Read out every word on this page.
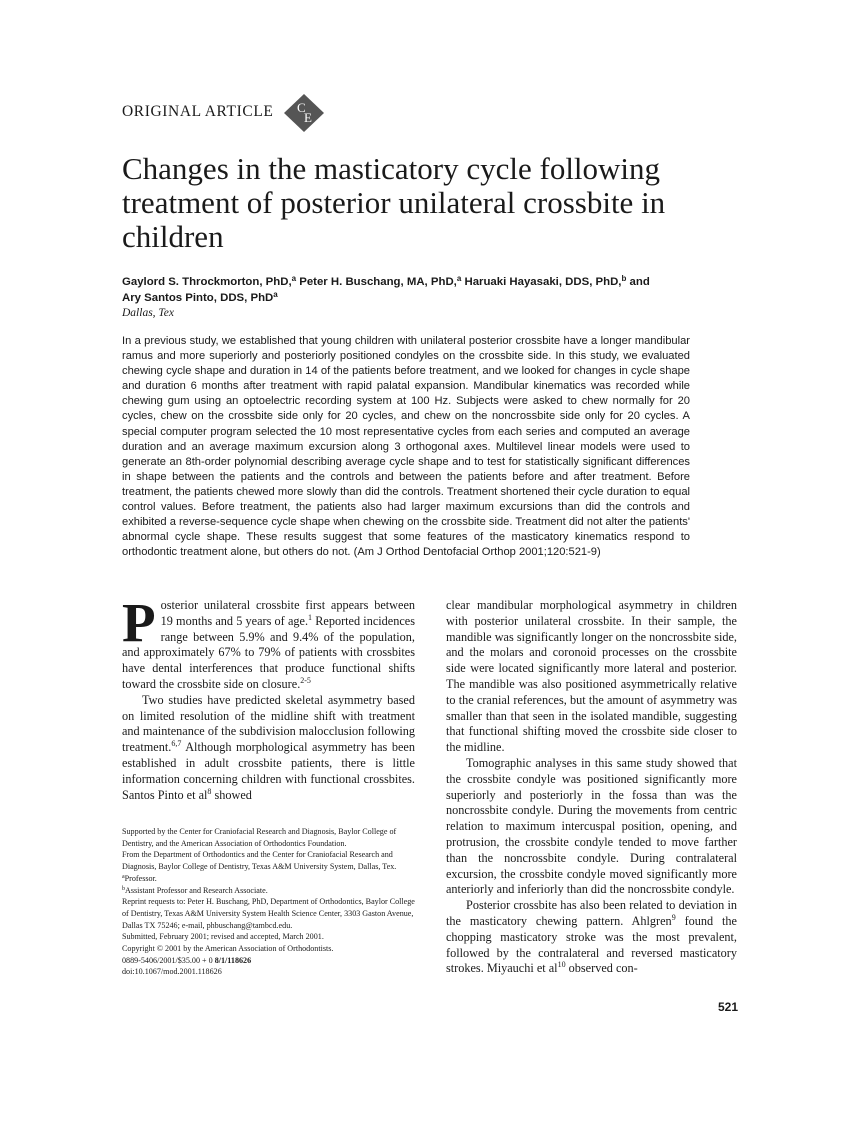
ORIGINAL ARTICLE C
E
Changes in the masticatory cycle following treatment of posterior unilateral crossbite in children
Gaylord S. Throckmorton, PhD,$^a$ Peter H. Buschang, MA, PhD,$^a$ Haruaki Hayasaki, DDS, PhD,$^b$ and
Ary Santos Pinto, DDS, PhD$^a$
Dallas, Tex

In a previous study, we established that young children with unilateral posterior crossbite have a longer mandibular ramus and more superiorly and posteriorly positioned condyles on the crossbite side. In this study, we evaluated chewing cycle shape and duration in 14 of the patients before treatment, and we looked for changes in cycle shape and duration 6 months after treatment with rapid palatal expansion. Mandibular kinematics was recorded while chewing gum using an optoelectric recording system at 100 Hz. Subjects were asked to chew normally for 20 cycles, chew on the crossbite side only for 20 cycles, and chew on the noncrossbite side only for 20 cycles. A special computer program selected the 10 most representative cycles from each series and computed an average duration and an average maximum excursion along 3 orthogonal axes. Multilevel linear models were used to generate an 8th-order polynomial describing average cycle shape and to test for statistically significant differences in shape between the patients and the controls and between the patients before and after treatment. Before treatment, the patients chewed more slowly than did the controls. Treatment shortened their cycle duration to equal control values. Before treatment, the patients also had larger maximum excursions than did the controls and exhibited a reverse-sequence cycle shape when chewing on the crossbite side. Treatment did not alter the patients' abnormal cycle shape. These results suggest that some features of the masticatory kinematics respond to orthodontic treatment alone, but others do not. (Am J Orthod Dentofacial Orthop 2001;120:521-9)

Posterior unilateral crossbite first appears between 19 months and 5 years of age.$^1$ Reported incidences range between 5.9% and 9.4% of the population, and approximately 67% to 79% of patients with crossbites have dental interferences that produce functional shifts toward the crossbite side on closure.$^{2-5}$

Two studies have predicted skeletal asymmetry based on limited resolution of the midline shift with treatment and maintenance of the subdivision malocclusion following treatment.$^{6,7}$ Although morphological asymmetry has been established in adult crossbite patients, there is little information concerning children with functional crossbites. Santos Pinto et $al^8$ showed

clear mandibular morphological asymmetry in children with posterior unilateral crossbite. In their sample, the mandible was significantly longer on the noncrossbite side, and the molars and coronoid processes on the crossbite side were located significantly more lateral and posterior. The mandible was also positioned asymmetrically relative to the cranial references, but the amount of asymmetry was smaller than that seen in the isolated mandible, suggesting that functional shifting moved the crossbite side closer to the midline.

Tomographic analyses in this same study showed that the crossbite condyle was positioned significantly more superiorly and posteriorly in the fossa than was the noncrossbite condyle. During the movements from centric relation to maximum intercuspal position, opening, and protrusion, the crossbite condyle tended to move farther than the noncrossbite condyle. During contralateral excursion, the crossbite condyle moved significantly more anteriorly and inferiorly than did the noncrossbite condyle.

Posterior crossbite has also been related to deviation in the masticatory chewing pattern. Ahlgren$^9$ found the chopping masticatory stroke was the most prevalent, followed by the contralateral and reversed masticatory strokes. Miyauchi et $al^{10}$ observed con-

Supported by the Center for Craniofacial Research and Diagnosis, Baylor College of Dentistry, and the American Association of Orthodontics Foundation.
From the Department of Orthodontics and the Center for Craniofacial Research and Diagnosis, Baylor College of Dentistry, Texas A&M University System, Dallas, Tex.
$^a$Professor.
$^b$Assistant Professor and Research Associate.
Reprint requests to: Peter H. Buschang, PhD, Department of Orthodontics, Baylor College of Dentistry, Texas A&M University System Health Science Center, 3303 Gaston Avenue, Dallas TX 75246; e-mail, phbuschang@tambcd.edu.
Submitted, February 2001; revised and accepted, March 2001.
Copyright © 2001 by the American Association of Orthodontists.
0889-5406/2001/$35.00 + 0 8/1/118626
doi:10.1067/mod.2001.118626
521
